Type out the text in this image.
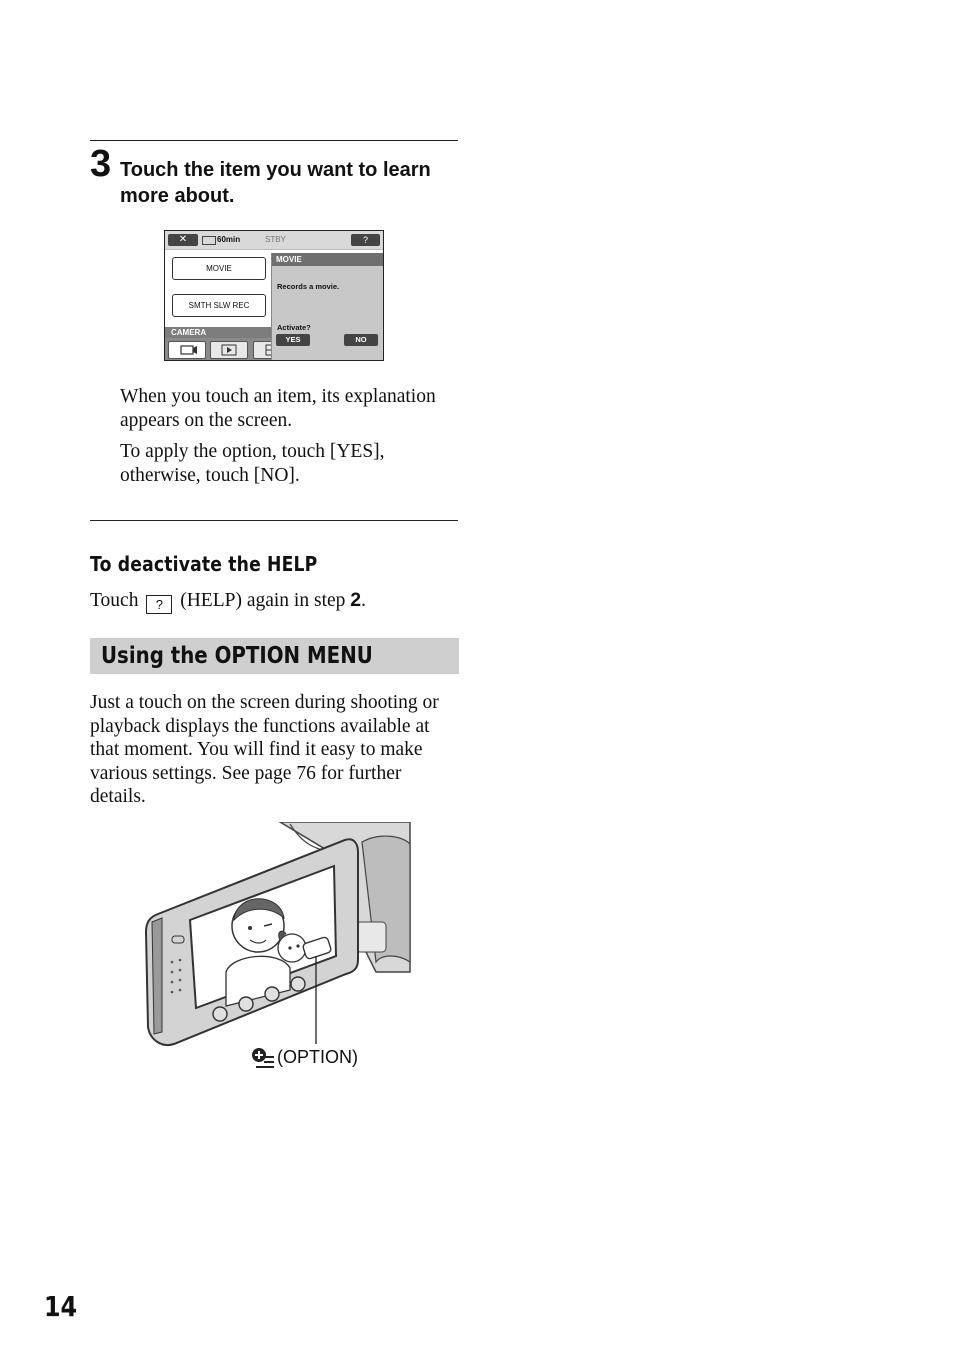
3 Touch the item you want to learn more about.
✕	60min	STBY	?
MOVIE
SMTH SLW REC
CAMERA
MOVIE
Records a movie.
Activate?
YES	NO
When you touch an item, its explanation appears on the screen.
To apply the option, touch [YES], otherwise, touch [NO].
To deactivate the HELP
Touch ? (HELP) again in step 2.
Using the OPTION MENU
Just a touch on the screen during shooting or playback displays the functions available at that moment. You will find it easy to make various settings. See page 76 for further details.
(OPTION)
14
